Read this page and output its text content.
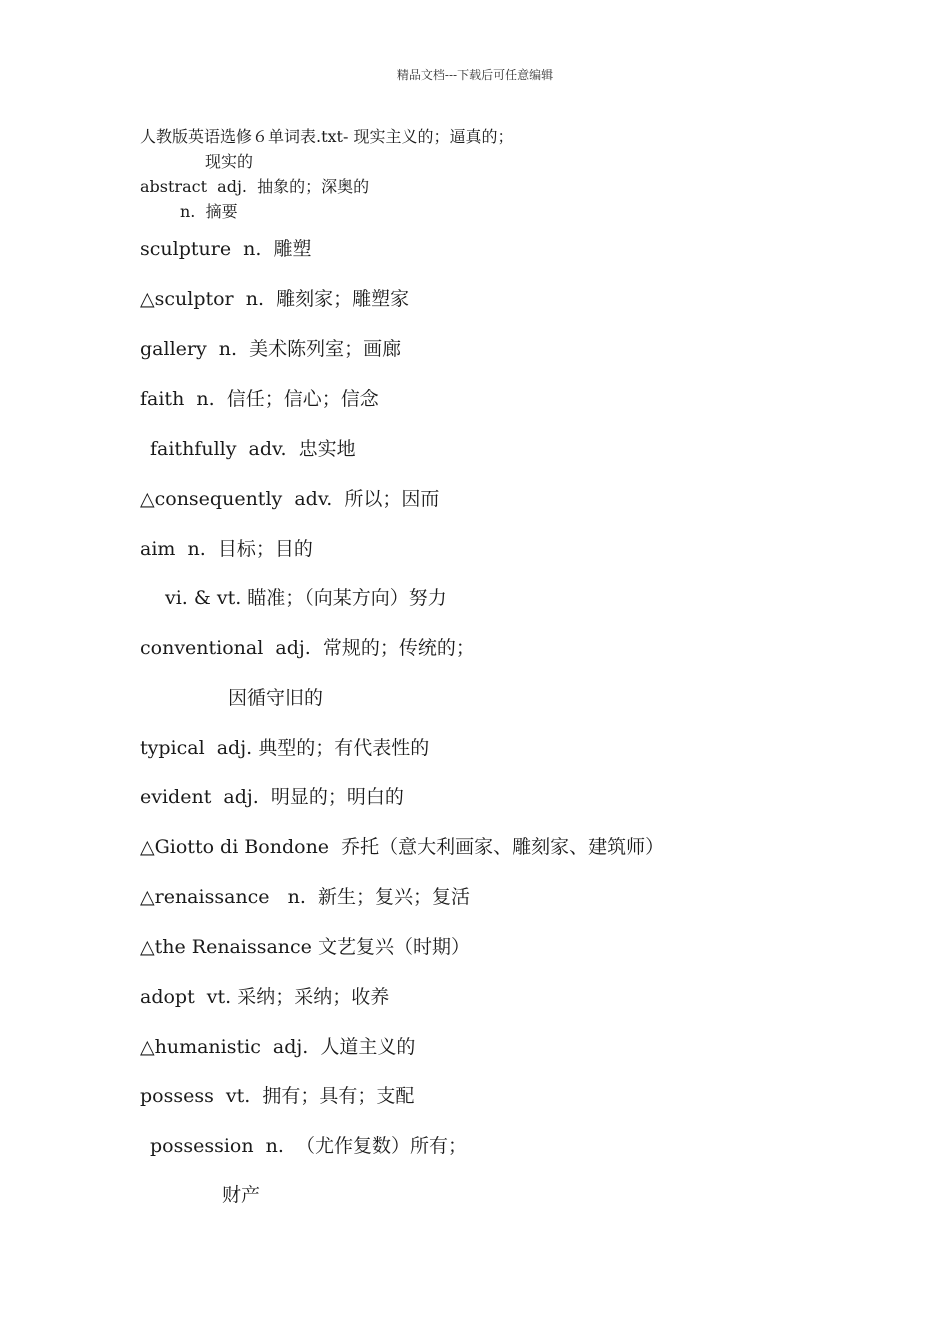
精品文档---下载后可任意编辑
人教版英语选修６单词表.txt- 现实主义的；逼真的；
现实的
abstract  adj.  抽象的；深奥的
n.  摘要
sculpture  n.  雕塑
△sculptor  n.  雕刻家；雕塑家
gallery  n.  美术陈列室；画廊
faith  n.  信任；信心；信念
faithfully  adv.  忠实地
△consequently  adv.  所以；因而
aim  n.  目标；目的
vi. & vt. 瞄准；（向某方向）努力
conventional  adj.  常规的；传统的；
因循守旧的
typical  adj. 典型的；有代表性的
evident  adj.  明显的；明白的
△Giotto di Bondone  乔托（意大利画家、雕刻家、建筑师）
△renaissance   n.  新生；复兴；复活
△the Renaissance 文艺复兴（时期）
adopt  vt. 采纳；采纳；收养
△humanistic  adj.  人道主义的
possess  vt.  拥有；具有；支配
possession  n.  （尤作复数）所有；
财产
